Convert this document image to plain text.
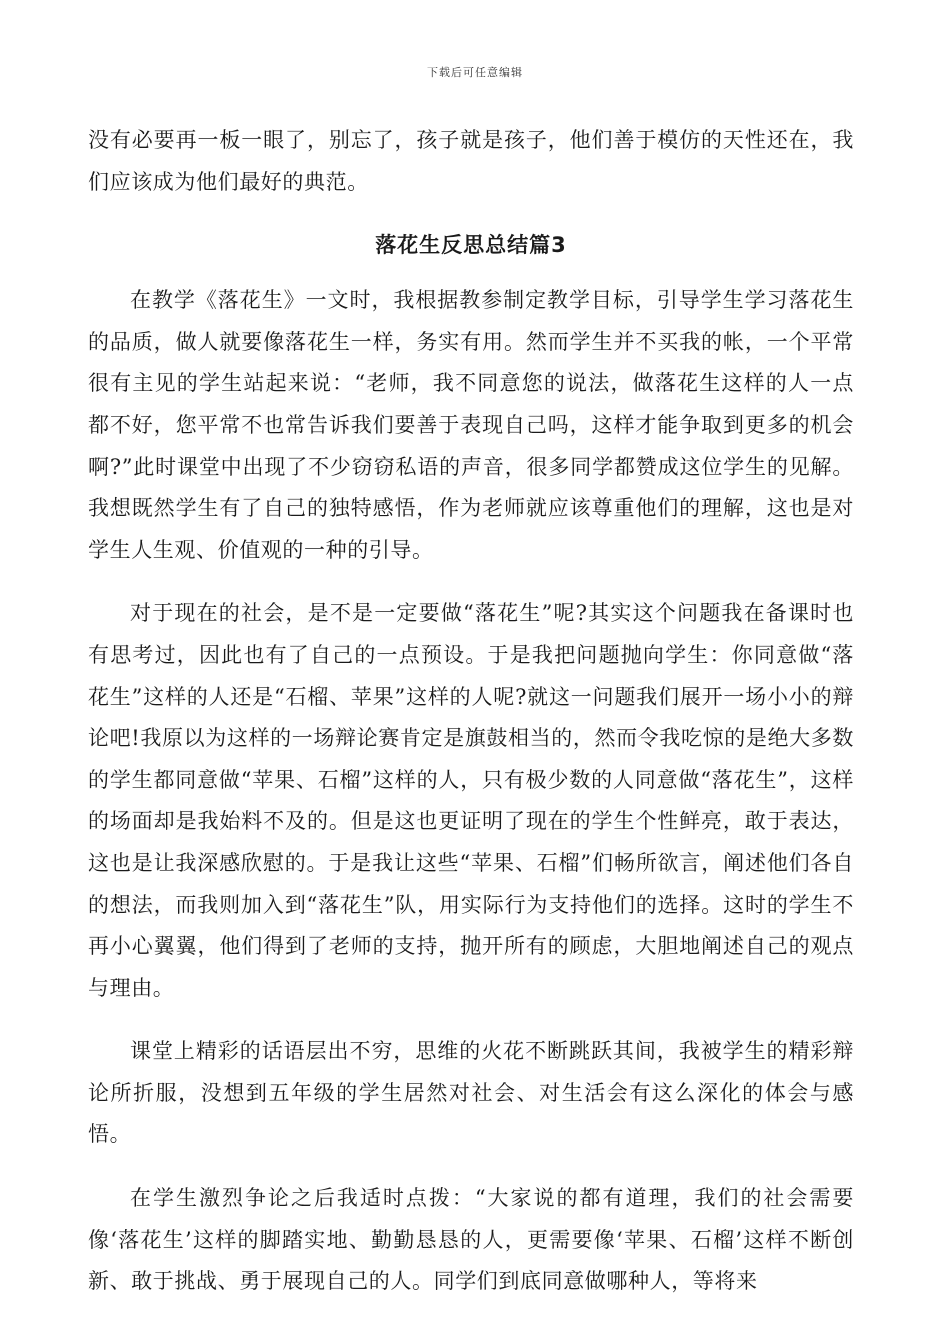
下载后可任意编辑

没有必要再一板一眼了，别忘了，孩子就是孩子，他们善于模仿的天性还在，我们应该成为他们最好的典范。

落花生反思总结篇3

在教学《落花生》一文时，我根据教参制定教学目标，引导学生学习落花生的品质，做人就要像落花生一样，务实有用。然而学生并不买我的帐，一个平常很有主见的学生站起来说：“老师，我不同意您的说法，做落花生这样的人一点都不好，您平常不也常告诉我们要善于表现自己吗，这样才能争取到更多的机会啊?”此时课堂中出现了不少窃窃私语的声音，很多同学都赞成这位学生的见解。我想既然学生有了自己的独特感悟，作为老师就应该尊重他们的理解，这也是对学生人生观、价值观的一种的引导。

对于现在的社会，是不是一定要做“落花生”呢?其实这个问题我在备课时也有思考过，因此也有了自己的一点预设。于是我把问题抛向学生：你同意做“落花生”这样的人还是“石榴、苹果”这样的人呢?就这一问题我们展开一场小小的辩论吧!我原以为这样的一场辩论赛肯定是旗鼓相当的，然而令我吃惊的是绝大多数的学生都同意做“苹果、石榴”这样的人，只有极少数的人同意做“落花生”，这样的场面却是我始料不及的。但是这也更证明了现在的学生个性鲜亮，敢于表达，这也是让我深感欣慰的。于是我让这些“苹果、石榴”们畅所欲言，阐述他们各自的想法，而我则加入到“落花生”队，用实际行为支持他们的选择。这时的学生不再小心翼翼，他们得到了老师的支持，抛开所有的顾虑，大胆地阐述自己的观点与理由。

课堂上精彩的话语层出不穷，思维的火花不断跳跃其间，我被学生的精彩辩论所折服，没想到五年级的学生居然对社会、对生活会有这么深化的体会与感悟。

在学生激烈争论之后我适时点拨：“大家说的都有道理，我们的社会需要像‘落花生’这样的脚踏实地、勤勤恳恳的人，更需要像‘苹果、石榴’这样不断创新、敢于挑战、勇于展现自己的人。同学们到底同意做哪种人，等将来
